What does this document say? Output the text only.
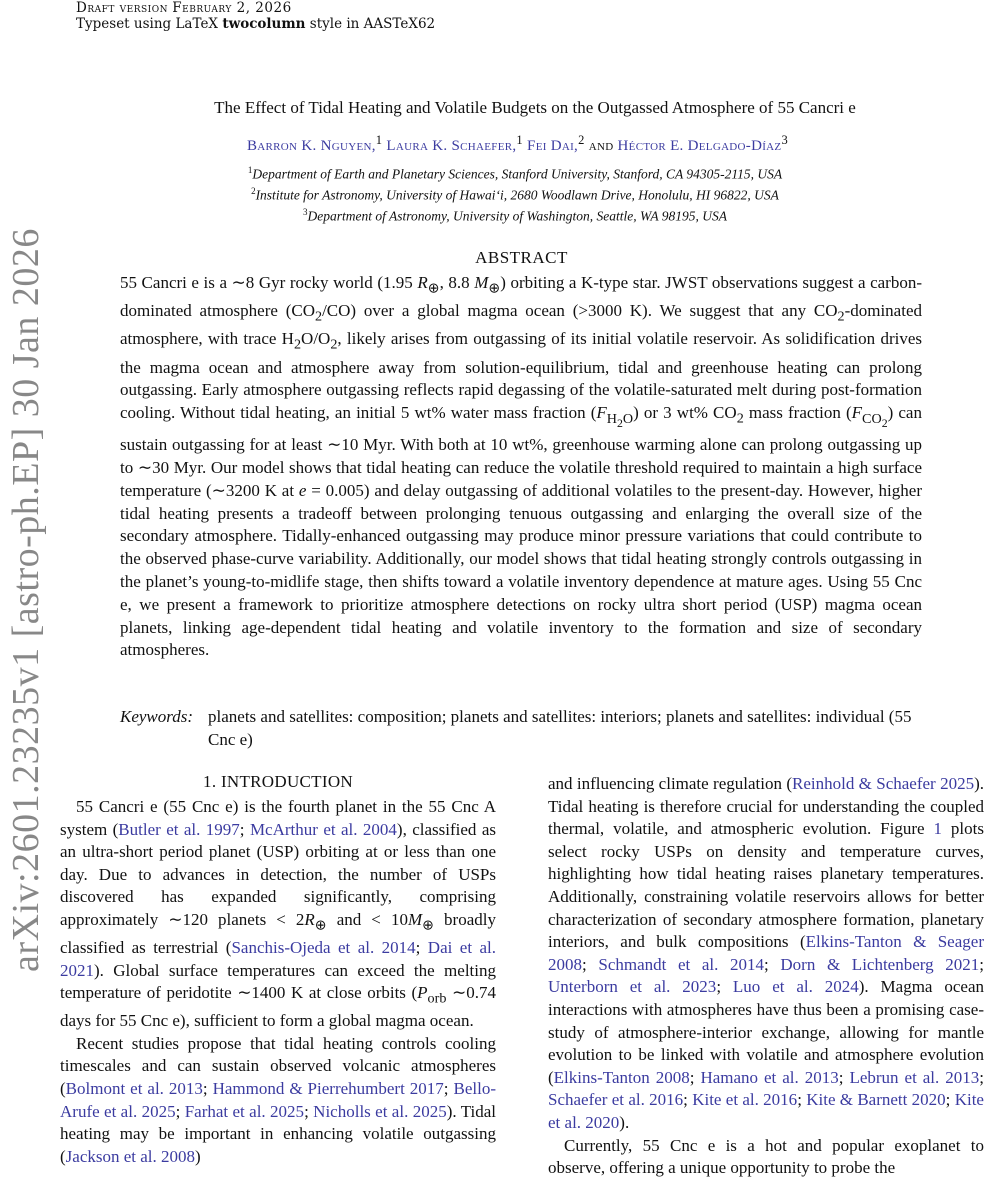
Draft version February 2, 2026
Typeset using LaTeX twocolumn style in AASTeX62
arXiv:2601.23235v1 [astro-ph.EP] 30 Jan 2026
The Effect of Tidal Heating and Volatile Budgets on the Outgassed Atmosphere of 55 Cancri e
Barron K. Nguyen,$^1$ Laura K. Schaefer,$^1$ Fei Dai,$^2$ and Héctor E. Delgado-Díaz$^3$
$^1$Department of Earth and Planetary Sciences, Stanford University, Stanford, CA 94305-2115, USA
$^2$Institute for Astronomy, University of Hawai‘i, 2680 Woodlawn Drive, Honolulu, HI 96822, USA
$^3$Department of Astronomy, University of Washington, Seattle, WA 98195, USA
ABSTRACT
55 Cancri e is a ∼8 Gyr rocky world (1.95 $R_\oplus$, 8.8 $M_\oplus$) orbiting a K-type star. JWST observations suggest a carbon-dominated atmosphere $(CO_2/CO)$ over a global magma ocean (>3000 K). We suggest that any $CO_2$-dominated atmosphere, with trace $H_2O/O_2$, likely arises from outgassing of its initial volatile reservoir. As solidification drives the magma ocean and atmosphere away from solution-equilibrium, tidal and greenhouse heating can prolong outgassing. Early atmosphere outgassing reflects rapid degassing of the volatile-saturated melt during post-formation cooling. Without tidal heating, an initial 5 wt% water mass fraction $(F_{H_2O})$ or 3 wt% $CO_2$ mass fraction $(F_{CO_2})$ can sustain outgassing for at least ∼10 Myr. With both at 10 wt%, greenhouse warming alone can prolong outgassing up to ∼30 Myr. Our model shows that tidal heating can reduce the volatile threshold required to maintain a high surface temperature (∼3200 K at e = 0.005) and delay outgassing of additional volatiles to the present-day. However, higher tidal heating presents a tradeoff between prolonging tenuous outgassing and enlarging the overall size of the secondary atmosphere. Tidally-enhanced outgassing may produce minor pressure variations that could contribute to the observed phase-curve variability. Additionally, our model shows that tidal heating strongly controls outgassing in the planet’s young-to-midlife stage, then shifts toward a volatile inventory dependence at mature ages. Using 55 Cnc e, we present a framework to prioritize atmosphere detections on rocky ultra short period (USP) magma ocean planets, linking age-dependent tidal heating and volatile inventory to the formation and size of secondary atmospheres.
Keywords: planets and satellites: composition; planets and satellites: interiors; planets and satellites: individual (55 Cnc e)
1. INTRODUCTION

55 Cancri e (55 Cnc e) is the fourth planet in the 55 Cnc A system (Butler et al. 1997; McArthur et al. 2004), classified as an ultra-short period planet (USP) orbiting at or less than one day. Due to advances in detection, the number of USPs discovered has expanded significantly, comprising approximately ∼120 planets < $2R_\oplus$ and < $10M_\oplus$ broadly classified as terrestrial (Sanchis-Ojeda et al. 2014; Dai et al. 2021). Global surface temperatures can exceed the melting temperature of peridotite ∼1400 K at close orbits ($P_{orb}$ ∼0.74 days for 55 Cnc e), sufficient to form a global magma ocean.

Recent studies propose that tidal heating controls cooling timescales and can sustain observed volcanic atmospheres (Bolmont et al. 2013; Hammond & Pierrehumbert 2017; Bello-Arufe et al. 2025; Farhat et al. 2025; Nicholls et al. 2025). Tidal heating may be important in enhancing volatile outgassing (Jackson et al. 2008)

and influencing climate regulation (Reinhold & Schaefer 2025). Tidal heating is therefore crucial for understanding the coupled thermal, volatile, and atmospheric evolution. Figure 1 plots select rocky USPs on density and temperature curves, highlighting how tidal heating raises planetary temperatures. Additionally, constraining volatile reservoirs allows for better characterization of secondary atmosphere formation, planetary interiors, and bulk compositions (Elkins-Tanton & Seager 2008; Schmandt et al. 2014; Dorn & Lichtenberg 2021; Unterborn et al. 2023; Luo et al. 2024). Magma ocean interactions with atmospheres have thus been a promising case-study of atmosphere-interior exchange, allowing for mantle evolution to be linked with volatile and atmosphere evolution (Elkins-Tanton 2008; Hamano et al. 2013; Lebrun et al. 2013; Schaefer et al. 2016; Kite et al. 2016; Kite & Barnett 2020; Kite et al. 2020).

Currently, 55 Cnc e is a hot and popular exoplanet to observe, offering a unique opportunity to probe the
